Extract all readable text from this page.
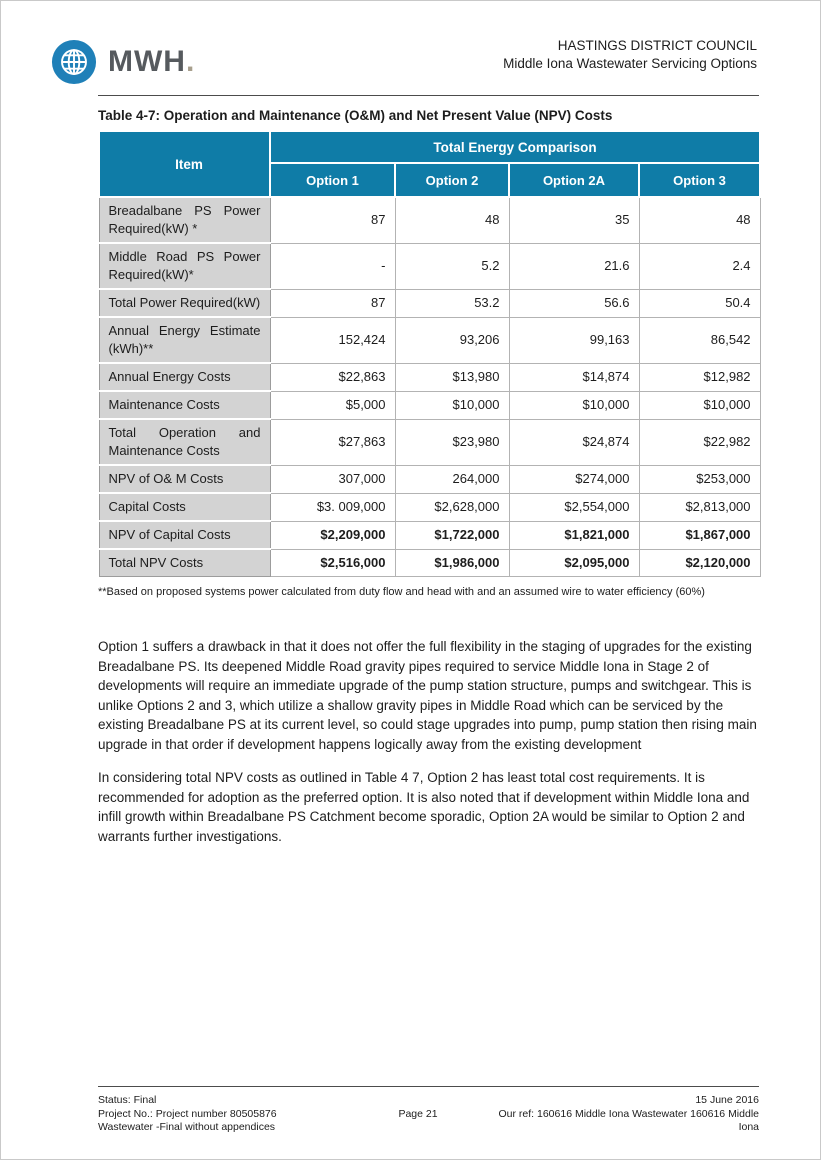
MWH.	HASTINGS DISTRICT COUNCIL
Middle Iona Wastewater Servicing Options
Table 4-7: Operation and Maintenance (O&M) and Net Present Value (NPV) Costs
Item	Total Energy Comparison			
	Option 1	Option 2	Option 2A	Option 3
Breadalbane PS Power Required(kW) *	87	48	35	48
Middle Road PS Power Required(kW)*	-	5.2	21.6	2.4
Total Power Required(kW)	87	53.2	56.6	50.4
Annual Energy Estimate (kWh)**	152,424	93,206	99,163	86,542
Annual Energy Costs	$22,863	$13,980	$14,874	$12,982
Maintenance Costs	$5,000	$10,000	$10,000	$10,000
Total Operation and Maintenance Costs	$27,863	$23,980	$24,874	$22,982
NPV of O& M Costs	307,000	264,000	$274,000	$253,000
Capital Costs	$3. 009,000	$2,628,000	$2,554,000	$2,813,000
NPV of Capital Costs	$2,209,000	$1,722,000	$1,821,000	$1,867,000
Total NPV Costs	$2,516,000	$1,986,000	$2,095,000	$2,120,000
**Based on proposed systems power calculated from duty flow and head with and an assumed wire to water efficiency (60%)
Option 1 suffers a drawback in that it does not offer the full flexibility in the staging of upgrades for the existing Breadalbane PS. Its deepened Middle Road gravity pipes required to service Middle Iona in Stage 2 of developments will require an immediate upgrade of the pump station structure, pumps and switchgear. This is unlike Options 2 and 3, which utilize a shallow gravity pipes in Middle Road which can be serviced by the existing Breadalbane PS at its current level, so could stage upgrades into pump, pump station then rising main upgrade in that order if development happens logically away from the existing development
In considering total NPV costs as outlined in Table 4 7, Option 2 has least total cost requirements. It is recommended for adoption as the preferred option. It is also noted that if development within Middle Iona and infill growth within Breadalbane PS Catchment become sporadic, Option 2A would be similar to Option 2 and warrants further investigations.
Status: Final
Project No.: Project number 80505876
Wastewater -Final without appendices
Page 21
15 June 2016
Our ref: 160616 Middle Iona Wastewater 160616 Middle Iona
